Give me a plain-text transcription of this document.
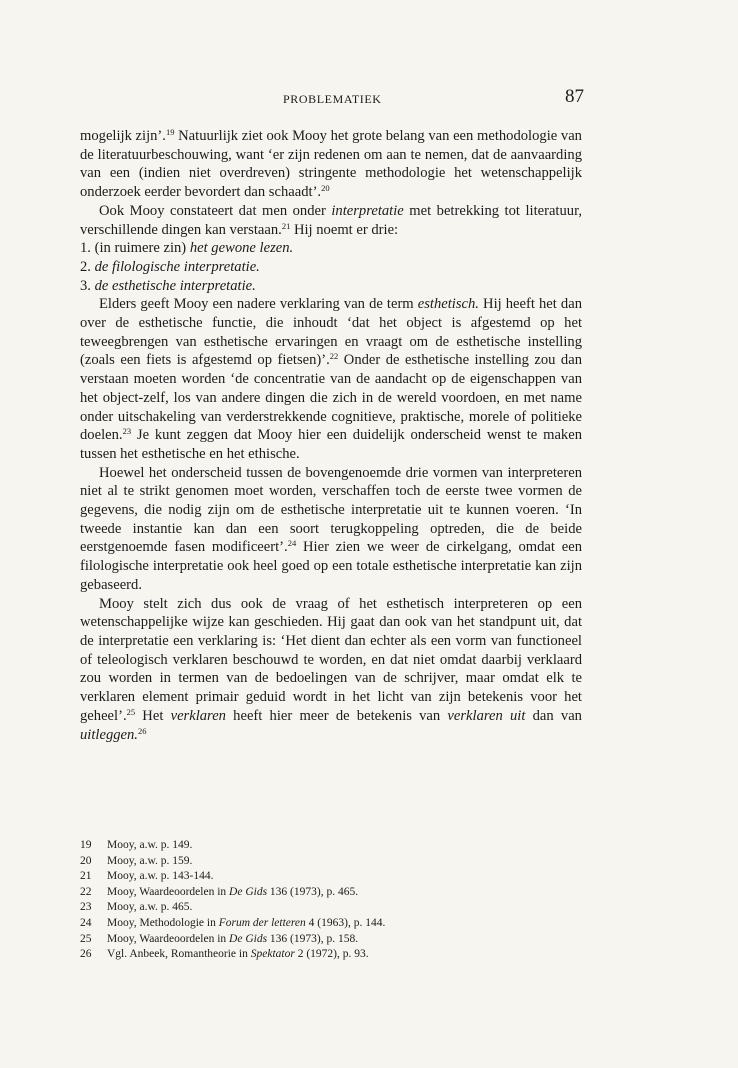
PROBLEMATIEK	87

mogelijk zijn’.$^{19}$ Natuurlijk ziet ook Mooy het grote belang van een methodologie van de literatuurbeschouwing, want ‘er zijn redenen om aan te nemen, dat de aanvaarding van een (indien niet overdreven) stringente methodologie het wetenschappelijk onderzoek eerder bevordert dan schaadt’.$^{20}$

Ook Mooy constateert dat men onder interpretatie met betrekking tot literatuur, verschillende dingen kan verstaan.$^{21}$ Hij noemt er drie:

1. (in ruimere zin) het gewone lezen.

2. de filologische interpretatie.

3. de esthetische interpretatie.

Elders geeft Mooy een nadere verklaring van de term esthetisch. Hij heeft het dan over de esthetische functie, die inhoudt ‘dat het object is afgestemd op het teweegbrengen van esthetische ervaringen en vraagt om de esthetische instelling (zoals een fiets is afgestemd op fietsen)’.$^{22}$ Onder de esthetische instelling zou dan verstaan moeten worden ‘de concentratie van de aandacht op de eigenschappen van het object-zelf, los van andere dingen die zich in de wereld voordoen, en met name onder uitschakeling van verderstrekkende cognitieve, praktische, morele of politieke doelen.$^{23}$ Je kunt zeggen dat Mooy hier een duidelijk onderscheid wenst te maken tussen het esthetische en het ethische.

Hoewel het onderscheid tussen de bovengenoemde drie vormen van interpreteren niet al te strikt genomen moet worden, verschaffen toch de eerste twee vormen de gegevens, die nodig zijn om de esthetische interpretatie uit te kunnen voeren. ‘In tweede instantie kan dan een soort terugkoppeling optreden, die de beide eerstgenoemde fasen modificeert’.$^{24}$ Hier zien we weer de cirkelgang, omdat een filologische interpretatie ook heel goed op een totale esthetische interpretatie kan zijn gebaseerd.

Mooy stelt zich dus ook de vraag of het esthetisch interpreteren op een wetenschappelijke wijze kan geschieden. Hij gaat dan ook van het standpunt uit, dat de interpretatie een verklaring is: ‘Het dient dan echter als een vorm van functioneel of teleologisch verklaren beschouwd te worden, en dat niet omdat daarbij verklaard zou worden in termen van de bedoelingen van de schrijver, maar omdat elk te verklaren element primair geduid wordt in het licht van zijn betekenis voor het geheel’.$^{25}$ Het verklaren heeft hier meer de betekenis van verklaren uit dan van uitleggen.$^{26}$

19	Mooy, a.w. p. 149.
20	Mooy, a.w. p. 159.
21	Mooy, a.w. p. 143-144.
22	Mooy, Waardeoordelen in De Gids 136 (1973), p. 465.
23	Mooy, a.w. p. 465.
24	Mooy, Methodologie in Forum der letteren 4 (1963), p. 144.
25	Mooy, Waardeoordelen in De Gids 136 (1973), p. 158.
26	Vgl. Anbeek, Romantheorie in Spektator 2 (1972), p. 93.
